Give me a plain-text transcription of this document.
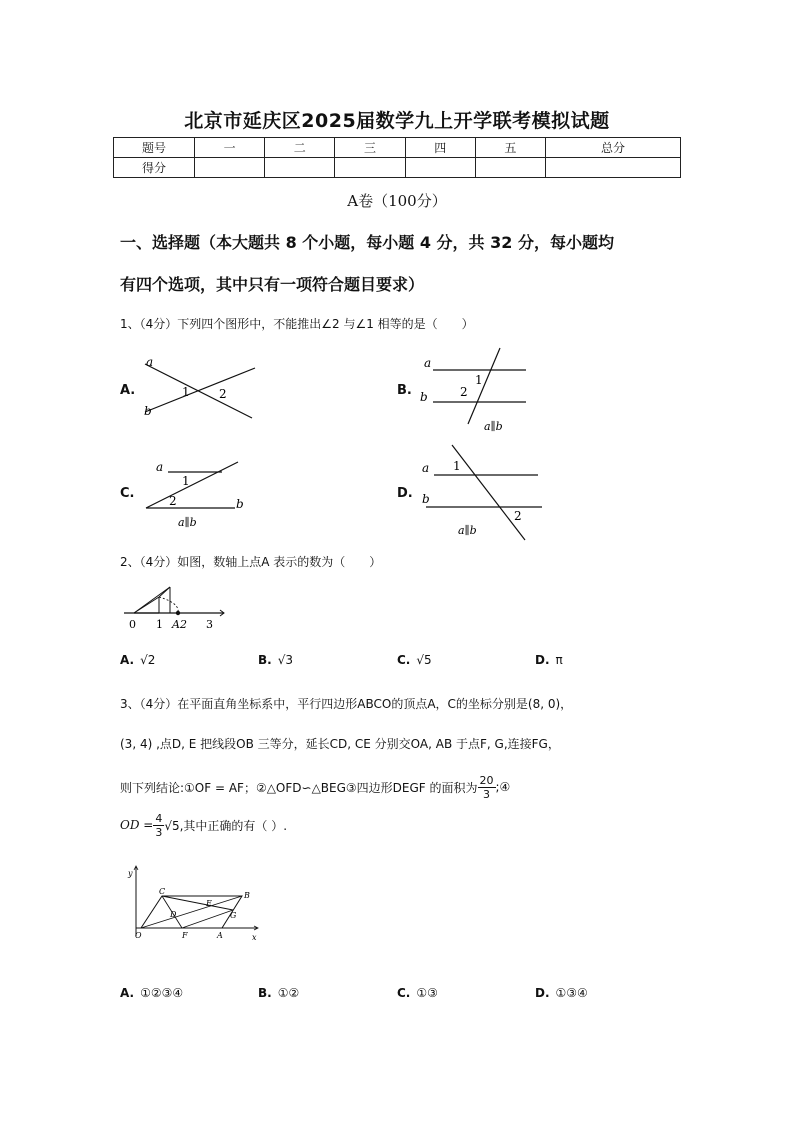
北京市延庆区2025届数学九上开学联考模拟试题
题号	一	二	三	四	五	总分
得分						
A卷（100分）
一、选择题（本大题共 8 个小题，每小题 4 分，共 32 分，每小题均
有四个选项，其中只有一项符合题目要求）
1、（4分）下列四个图形中，不能推出∠2 与∠1 相等的是（　　）
A.
a
b
1 2	B.
a
b
1
2
a∥b
C.
a
b
1
2
a∥b
D.
a
b
1
2
a∥b
2、（4分）如图，数轴上点A 表示的数为（　　）
0 1 A2 3
A. √2	B. √3	C. √5	D. π
3、（4分）在平面直角坐标系中，平行四边形ABCO的顶点A，C的坐标分别是(8, 0)，
(3, 4) ,点D, E 把线段OB 三等分，延长CD, CE 分别交OA, AB 于点F, G,连接FG，
则下列结论:①OF = AF；②△OFD∽△BEG③四边形DEGF 的面积为 $\frac{20}{3}$ ;④
OD = $\frac{4}{3} √5$,其中正确的有（ ）.
y
x
O
C	B
D
E
G
F	A
A. ①②③④	B. ①②	C. ①③	D. ①③④
